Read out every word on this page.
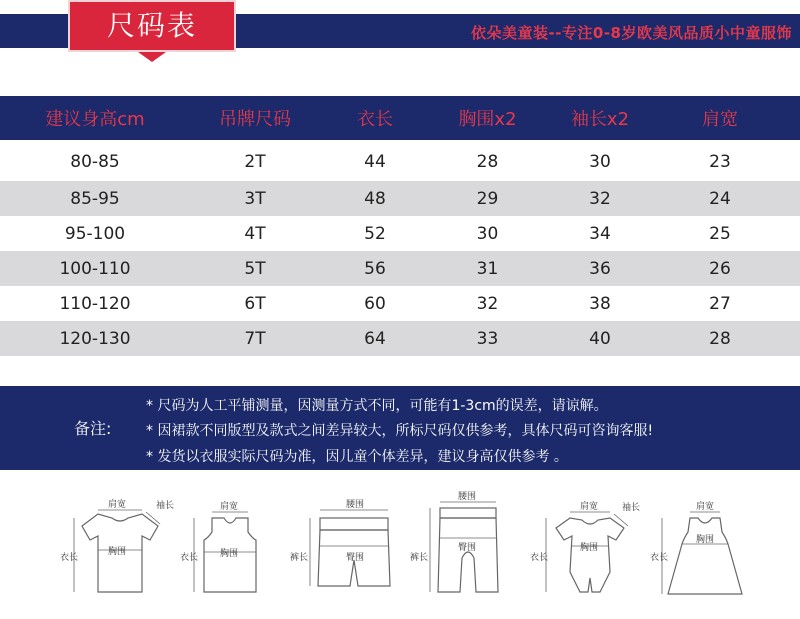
依朵美童装--专注0-8岁欧美风品质小中童服饰
尺码表
建议身高cm	吊牌尺码	衣长	胸围x2	袖长x2	肩宽
80-85	2T	44	28	30	23
85-95	3T	48	29	32	24
95-100	4T	52	30	34	25
100-110	5T	56	31	36	26
110-120	6T	60	32	38	27
120-130	7T	64	33	40	28
备注:
* 尺码为人工平铺测量，因测量方式不同，可能有1-3cm的误差，请谅解。
* 因裙款不同版型及款式之间差异较大，所标尺码仅供参考，具体尺码可咨询客服!
* 发货以衣服实际尺码为准，因儿童个体差异，建议身高仅供参考 。
肩宽	袖长
胸围
衣长
肩宽
胸围
衣长
腰围
臀围
裤长
腰围
臀围
裤长
肩宽	袖长
胸围
衣长
肩宽
胸围
衣长
